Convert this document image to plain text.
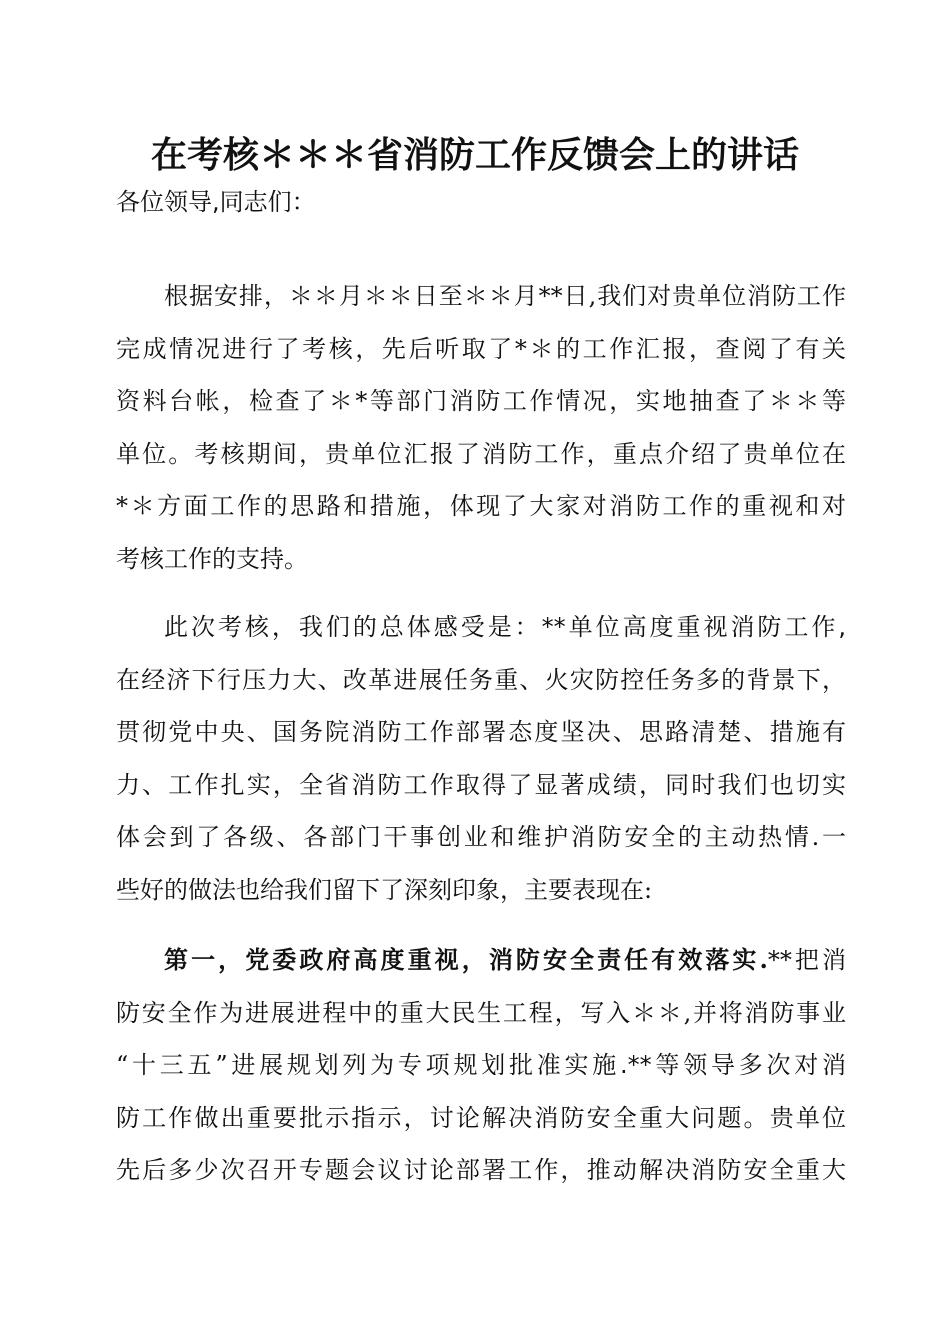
在考核＊＊＊省消防工作反馈会上的讲话
各位领导,同志们：
根据安排，＊＊月＊＊日至＊＊月**日,我们对贵单位消防工作
完成情况进行了考核，先后听取了*＊的工作汇报，查阅了有关
资料台帐，检查了＊*等部门消防工作情况，实地抽查了＊＊等
单位。考核期间，贵单位汇报了消防工作，重点介绍了贵单位在
*＊方面工作的思路和措施，体现了大家对消防工作的重视和对
考核工作的支持。
此次考核，我们的总体感受是：**单位高度重视消防工作,
在经济下行压力大、改革进展任务重、火灾防控任务多的背景下，
贯彻党中央、国务院消防工作部署态度坚决、思路清楚、措施有
力、工作扎实，全省消防工作取得了显著成绩，同时我们也切实
体会到了各级、各部门干事创业和维护消防安全的主动热情.一
些好的做法也给我们留下了深刻印象，主要表现在:
第一，党委政府高度重视，消防安全责任有效落实.**把消
防安全作为进展进程中的重大民生工程，写入＊＊,并将消防事业
“十三五”进展规划列为专项规划批准实施.**等领导多次对消
防工作做出重要批示指示，讨论解决消防安全重大问题。贵单位
先后多少次召开专题会议讨论部署工作，推动解决消防安全重大
